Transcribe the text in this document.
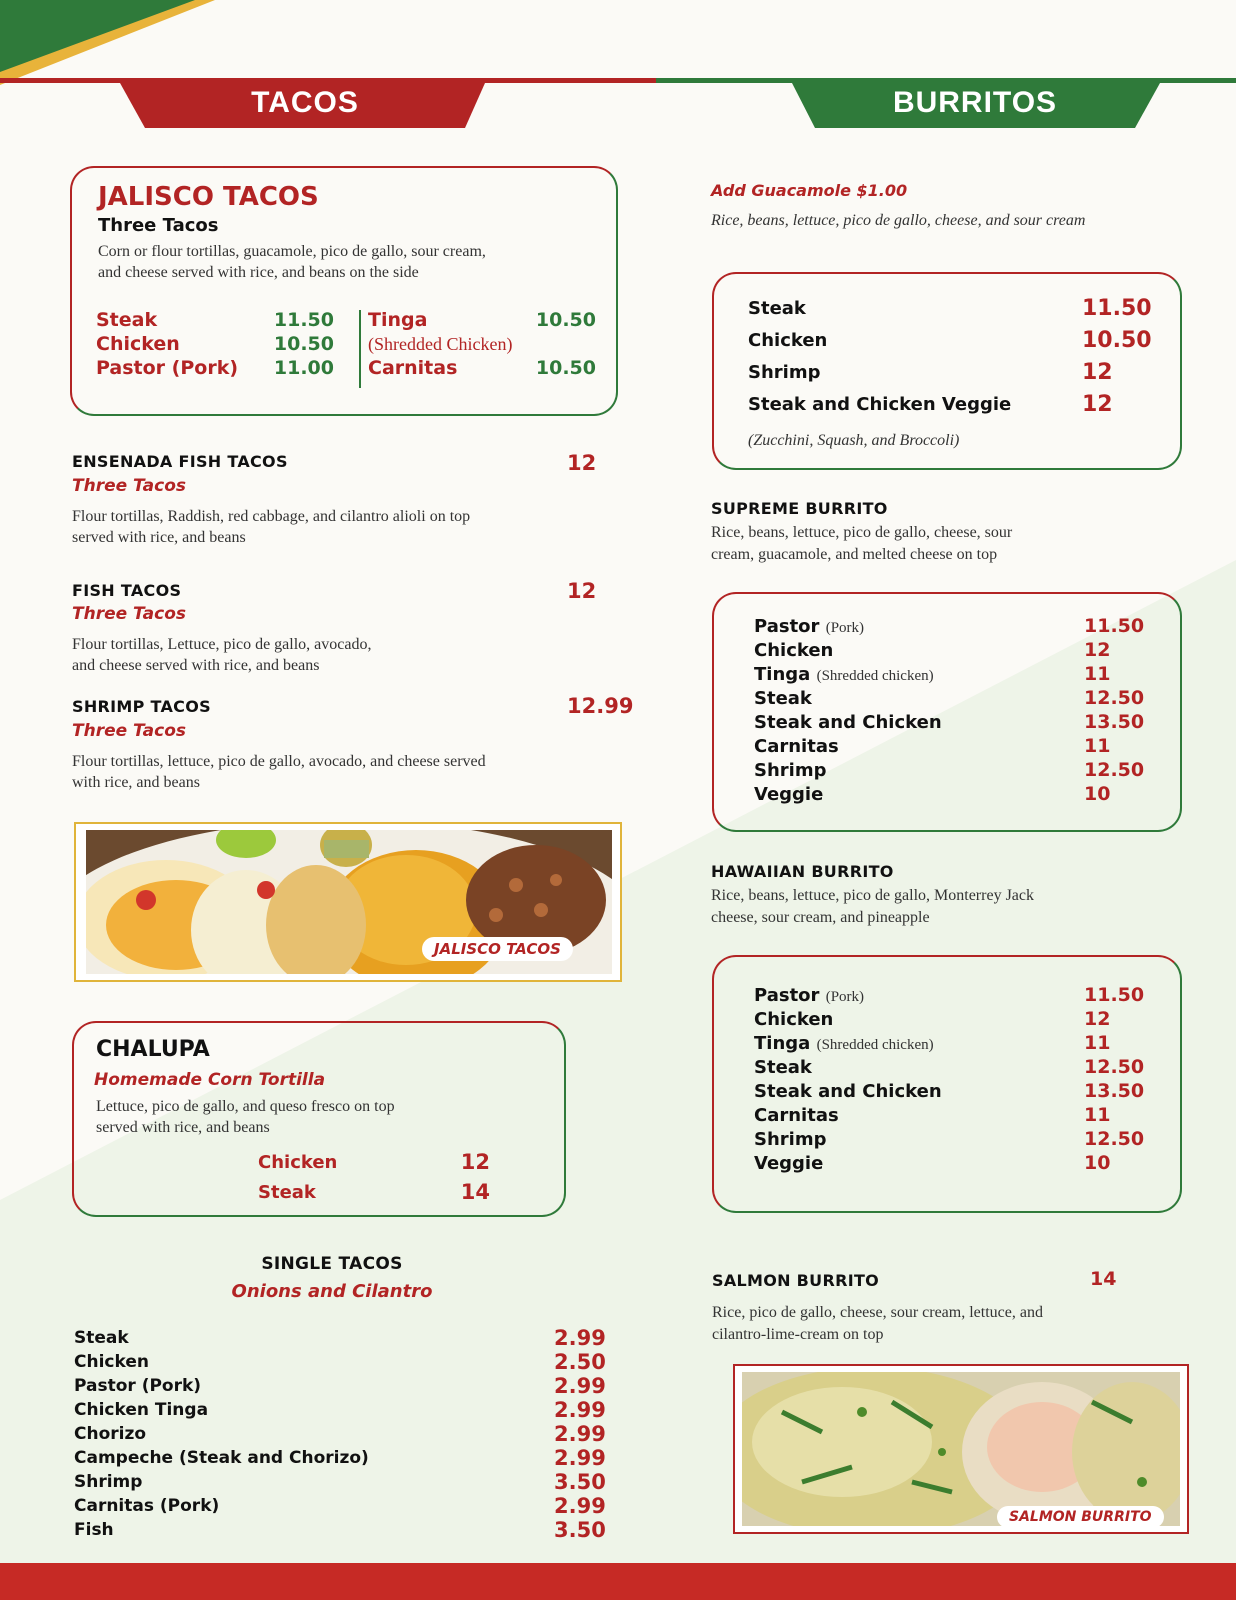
TACOS	BURRITOS
JALISCO TACOS
Three Tacos
Corn or flour tortillas, guacamole, pico de gallo, sour cream,
and cheese served with rice, and beans on the side
Steak	11.50
Chicken	10.50
Pastor (Pork) 11.00
Tinga	10.50
(Shredded Chicken)
Carnitas	10.50
ENSENADA FISH TACOS	12
Three Tacos
Flour tortillas, Raddish, red cabbage, and cilantro alioli on top
served with rice, and beans
FISH TACOS	12
Three Tacos
Flour tortillas, Lettuce, pico de gallo, avocado,
and cheese served with rice, and beans
SHRIMP TACOS	12.99
Three Tacos
Flour tortillas, lettuce, pico de gallo, avocado, and cheese served
with rice, and beans
JALISCO TACOS
CHALUPA
Homemade Corn Tortilla
Lettuce, pico de gallo, and queso fresco on top
served with rice, and beans
Chicken	12
Steak	14
SINGLE TACOS
Onions and Cilantro
Steak	2.99
Chicken	2.50
Pastor (Pork)	2.99
Chicken Tinga	2.99
Chorizo	2.99
Campeche (Steak and Chorizo)	2.99
Shrimp	3.50
Carnitas (Pork)	2.99
Fish	3.50
Add Guacamole $1.00
Rice, beans, lettuce, pico de gallo, cheese, and sour cream
Steak	11.50
Chicken	10.50
Shrimp	12
Steak and Chicken Veggie	12
(Zucchini, Squash, and Broccoli)
SUPREME BURRITO
Rice, beans, lettuce, pico de gallo, cheese, sour
cream, guacamole, and melted cheese on top
Pastor (Pork)	11.50
Chicken	12
Tinga (Shredded chicken)	11
Steak	12.50
Steak and Chicken	13.50
Carnitas	11
Shrimp	12.50
Veggie	10
HAWAIIAN BURRITO
Rice, beans, lettuce, pico de gallo, Monterrey Jack
cheese, sour cream, and pineapple
Pastor (Pork)	11.50
Chicken	12
Tinga (Shredded chicken)	11
Steak	12.50
Steak and Chicken	13.50
Carnitas	11
Shrimp	12.50
Veggie	10
SALMON BURRITO	14
Rice, pico de gallo, cheese, sour cream, lettuce, and
cilantro-lime-cream on top
SALMON BURRITO
